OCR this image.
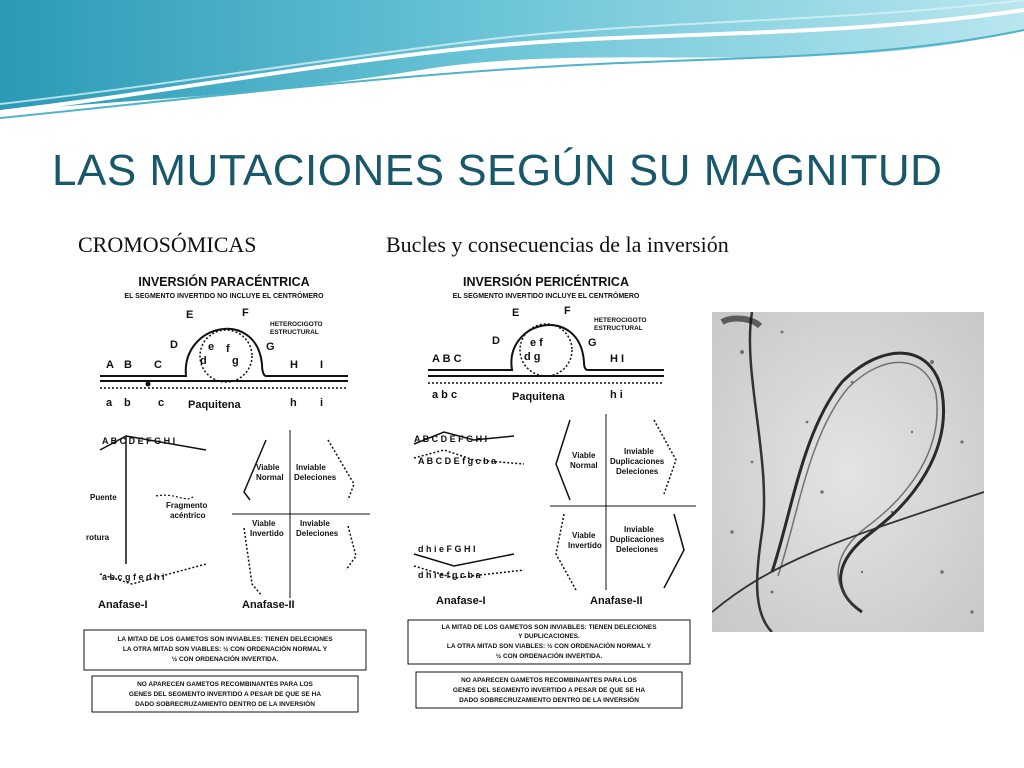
LAS MUTACIONES SEGÚN SU MAGNITUD
CROMOSÓMICAS	Bucles y consecuencias de la inversión
INVERSIÓN PARACÉNTRICA
EL SEGMENTO INVERTIDO NO INCLUYE EL CENTRÓMERO
HETEROCIGOTO
ESTRUCTURAL
A B C
D
E	F
G
H I
e f
d g
a b c	h i
Paquitena
A B C D E F G H I
Puente
Fragmento
acéntrico
rotura
a b c g f e d h i
Anafase-I
Viable
Normal
Inviable
Deleciones
Viable
Invertido
Inviable
Deleciones
Anafase-II
LA MITAD DE LOS GAMETOS SON INVIABLES: TIENEN DELECIONES
LA OTRA MITAD SON VIABLES: ½ CON ORDENACIÓN NORMAL Y
½ CON ORDENACIÓN INVERTIDA.
NO APARECEN GAMETOS RECOMBINANTES PARA LOS
GENES DEL SEGMENTO INVERTIDO A PESAR DE QUE SE HA
DADO SOBRECRUZAMIENTO DENTRO DE LA INVERSIÓN
INVERSIÓN PERICÉNTRICA
EL SEGMENTO INVERTIDO INCLUYE EL CENTRÓMERO
HETEROCIGOTO
ESTRUCTURAL
A B C
D
E	F
G
H I
e f
d g
a b c	h i
Paquitena
A B C D E F G H I
A B C D E f g c b a
d h i e F G H I
d h i e f g c b a
Anafase-I
Viable
Normal
Inviable
Duplicaciones
Deleciones
Viable
Invertido
Inviable
Duplicaciones
Deleciones
Anafase-II
LA MITAD DE LOS GAMETOS SON INVIABLES: TIENEN DELECIONES
Y DUPLICACIONES.
LA OTRA MITAD SON VIABLES: ½ CON ORDENACIÓN NORMAL Y
½ CON ORDENACIÓN INVERTIDA.
NO APARECEN GAMETOS RECOMBINANTES PARA LOS
GENES DEL SEGMENTO INVERTIDO A PESAR DE QUE SE HA
DADO SOBRECRUZAMIENTO DENTRO DE LA INVERSIÓN
